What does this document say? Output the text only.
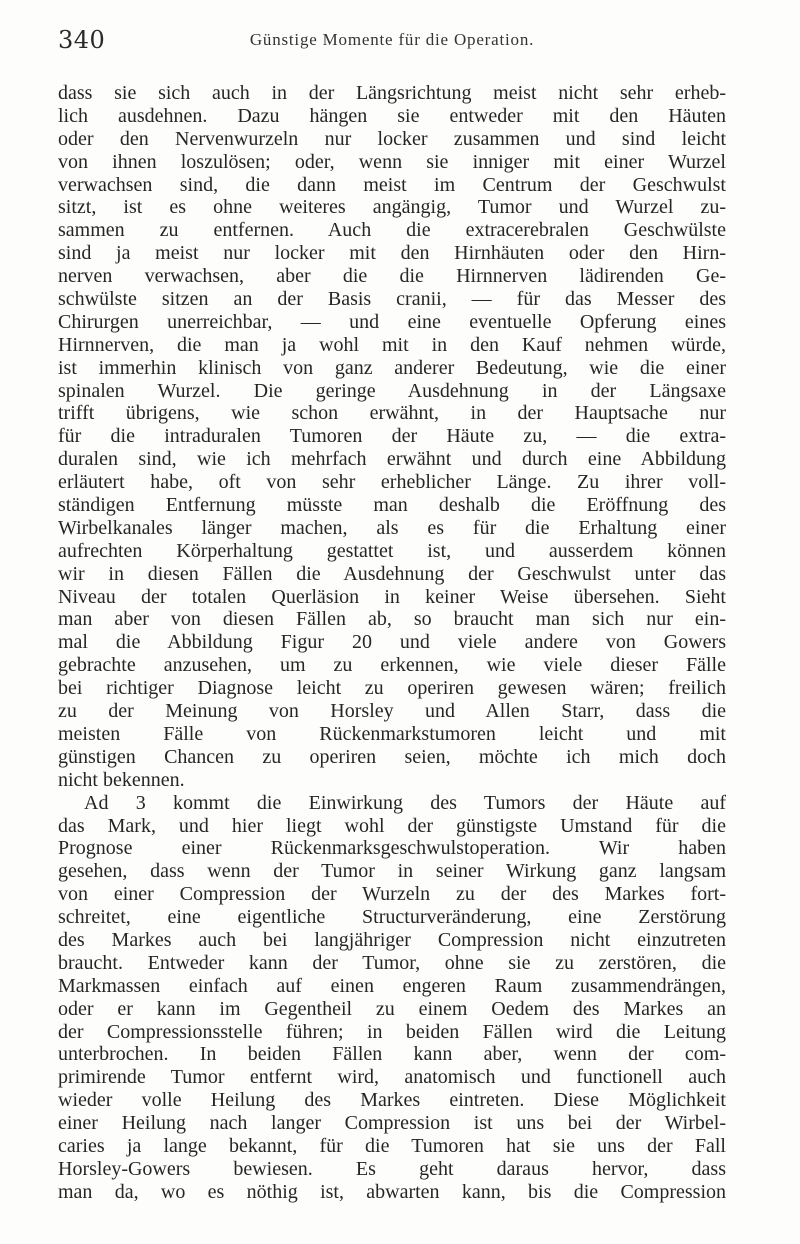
340	Günstige Momente für die Operation.
dass sie sich auch in der Längsrichtung meist nicht sehr erheb-
lich ausdehnen. Dazu hängen sie entweder mit den Häuten
oder den Nervenwurzeln nur locker zusammen und sind leicht
von ihnen loszulösen; oder, wenn sie inniger mit einer Wurzel
verwachsen sind, die dann meist im Centrum der Geschwulst
sitzt, ist es ohne weiteres angängig, Tumor und Wurzel zu-
sammen zu entfernen. Auch die extracerebralen Geschwülste
sind ja meist nur locker mit den Hirnhäuten oder den Hirn-
nerven verwachsen, aber die die Hirnnerven lädirenden Ge-
schwülste sitzen an der Basis cranii, — für das Messer des
Chirurgen unerreichbar, — und eine eventuelle Opferung eines
Hirnnerven, die man ja wohl mit in den Kauf nehmen würde,
ist immerhin klinisch von ganz anderer Bedeutung, wie die einer
spinalen Wurzel. Die geringe Ausdehnung in der Längsaxe
trifft übrigens, wie schon erwähnt, in der Hauptsache nur
für die intraduralen Tumoren der Häute zu, — die extra-
duralen sind, wie ich mehrfach erwähnt und durch eine Abbildung
erläutert habe, oft von sehr erheblicher Länge. Zu ihrer voll-
ständigen Entfernung müsste man deshalb die Eröffnung des
Wirbelkanales länger machen, als es für die Erhaltung einer
aufrechten Körperhaltung gestattet ist, und ausserdem können
wir in diesen Fällen die Ausdehnung der Geschwulst unter das
Niveau der totalen Querläsion in keiner Weise übersehen. Sieht
man aber von diesen Fällen ab, so braucht man sich nur ein-
mal die Abbildung Figur 20 und viele andere von Gowers
gebrachte anzusehen, um zu erkennen, wie viele dieser Fälle
bei richtiger Diagnose leicht zu operiren gewesen wären; freilich
zu der Meinung von Horsley und Allen Starr, dass die
meisten Fälle von Rückenmarkstumoren leicht und mit
günstigen Chancen zu operiren seien, möchte ich mich doch
nicht bekennen.
Ad 3 kommt die Einwirkung des Tumors der Häute auf
das Mark, und hier liegt wohl der günstigste Umstand für die
Prognose einer Rückenmarksgeschwulstoperation. Wir haben
gesehen, dass wenn der Tumor in seiner Wirkung ganz langsam
von einer Compression der Wurzeln zu der des Markes fort-
schreitet, eine eigentliche Structurveränderung, eine Zerstörung
des Markes auch bei langjähriger Compression nicht einzutreten
braucht. Entweder kann der Tumor, ohne sie zu zerstören, die
Markmassen einfach auf einen engeren Raum zusammendrängen,
oder er kann im Gegentheil zu einem Oedem des Markes an
der Compressionsstelle führen; in beiden Fällen wird die Leitung
unterbrochen. In beiden Fällen kann aber, wenn der com-
primirende Tumor entfernt wird, anatomisch und functionell auch
wieder volle Heilung des Markes eintreten. Diese Möglichkeit
einer Heilung nach langer Compression ist uns bei der Wirbel-
caries ja lange bekannt, für die Tumoren hat sie uns der Fall
Horsley-Gowers bewiesen. Es geht daraus hervor, dass
man da, wo es nöthig ist, abwarten kann, bis die Compression
